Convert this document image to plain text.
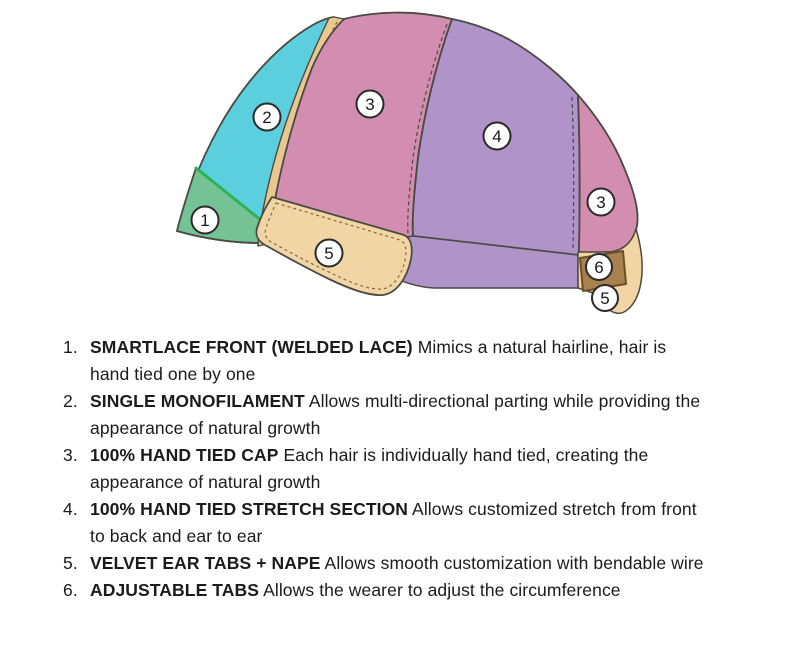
1
2
3
4
3
5
6
5
1. SMARTLACE FRONT (WELDED LACE) Mimics a natural hairline, hair is hand tied one by one
2. SINGLE MONOFILAMENT Allows multi-directional parting while providing the appearance of natural growth
3. 100% HAND TIED CAP Each hair is individually hand tied, creating the appearance of natural growth
4. 100% HAND TIED STRETCH SECTION Allows customized stretch from front to back and ear to ear
5. VELVET EAR TABS + NAPE Allows smooth customization with bendable wire
6. ADJUSTABLE TABS Allows the wearer to adjust the circumference
